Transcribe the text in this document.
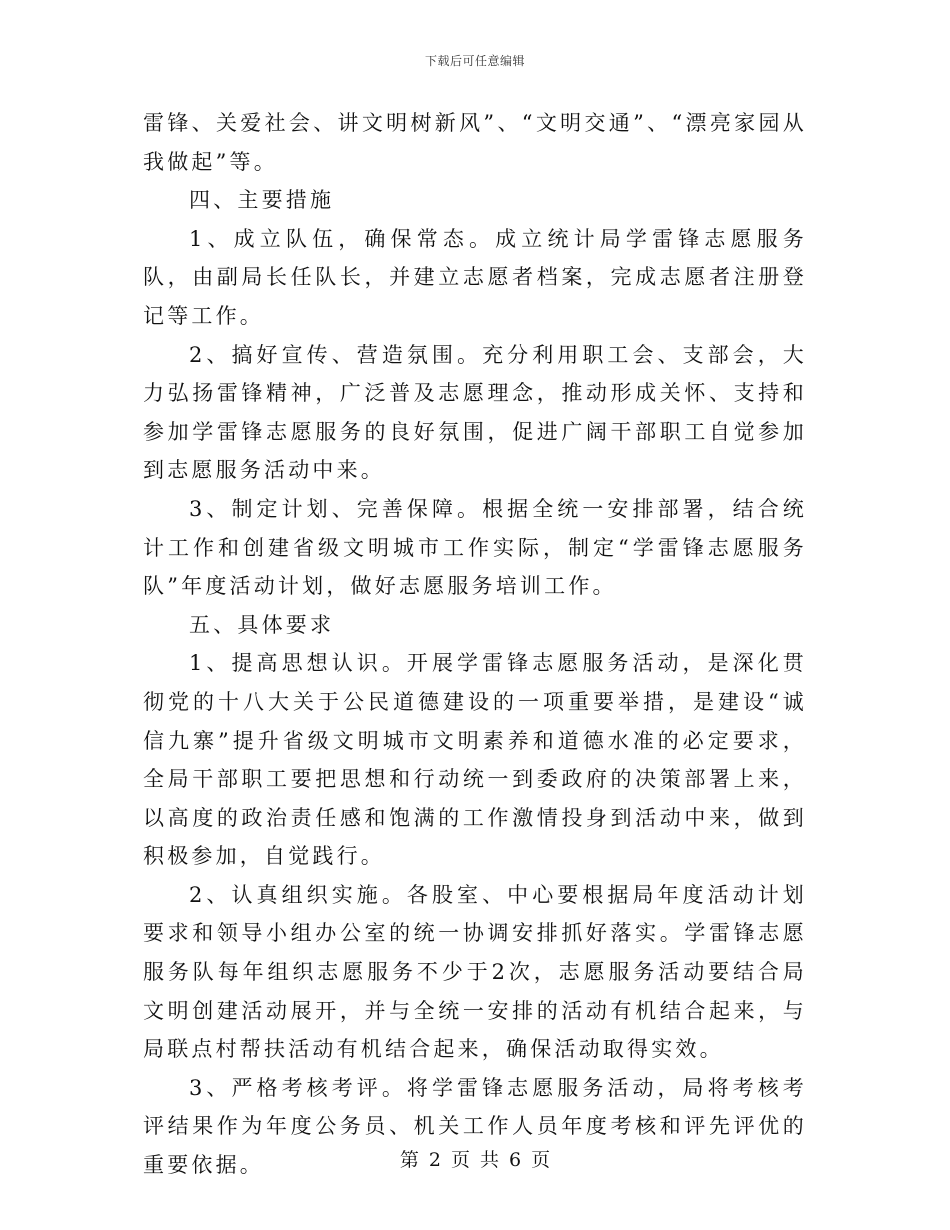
下载后可任意编辑

雷锋、关爱社会、讲文明树新风”、“文明交通”、“漂亮家园从我做起”等。

四、主要措施

1、成立队伍，确保常态。成立统计局学雷锋志愿服务队，由副局长任队长，并建立志愿者档案，完成志愿者注册登记等工作。

2、搞好宣传、营造氛围。充分利用职工会、支部会，大力弘扬雷锋精神，广泛普及志愿理念，推动形成关怀、支持和参加学雷锋志愿服务的良好氛围，促进广阔干部职工自觉参加到志愿服务活动中来。

3、制定计划、完善保障。根据全统一安排部署，结合统计工作和创建省级文明城市工作实际，制定“学雷锋志愿服务队”年度活动计划，做好志愿服务培训工作。

五、具体要求

1、提高思想认识。开展学雷锋志愿服务活动，是深化贯彻党的十八大关于公民道德建设的一项重要举措，是建设“诚信九寨”提升省级文明城市文明素养和道德水准的必定要求，全局干部职工要把思想和行动统一到委政府的决策部署上来，以高度的政治责任感和饱满的工作激情投身到活动中来，做到积极参加，自觉践行。

2、认真组织实施。各股室、中心要根据局年度活动计划要求和领导小组办公室的统一协调安排抓好落实。学雷锋志愿服务队每年组织志愿服务不少于2次，志愿服务活动要结合局文明创建活动展开，并与全统一安排的活动有机结合起来，与局联点村帮扶活动有机结合起来，确保活动取得实效。

3、严格考核考评。将学雷锋志愿服务活动，局将考核考评结果作为年度公务员、机关工作人员年度考核和评先评优的重要依据。	第 2 页 共 6 页
